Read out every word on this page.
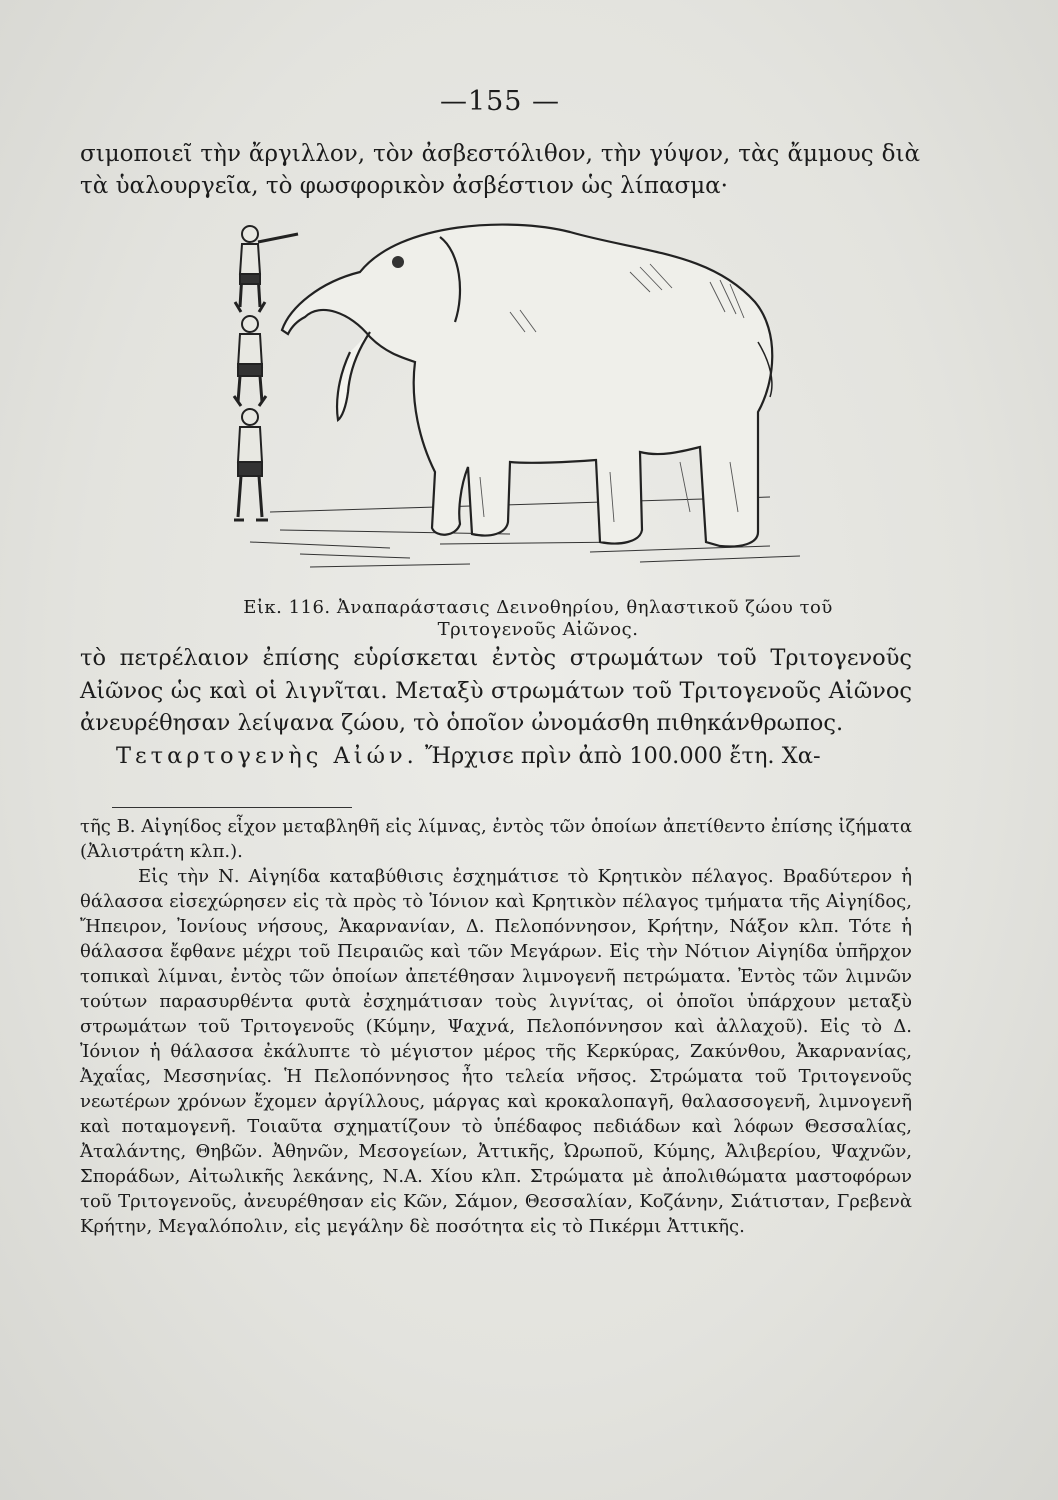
—155 —
σιμοποιεῖ τὴν ἄργιλλον, τὸν ἀσβεστόλιθον, τὴν γύψον, τὰς ἄμμους διὰ τὰ ὑαλουργεῖα, τὸ φωσφορικὸν ἀσβέστιον ὡς λίπασμα·
Εἰκ. 116. Ἀναπαράστασις Δεινοθηρίου, θηλαστικοῦ ζώου τοῦ Τριτογενοῦς Αἰῶνος.

τὸ πετρέλαιον ἐπίσης εὑρίσκεται ἐντὸς στρωμάτων τοῦ Τριτογενοῦς Αἰῶνος ὡς καὶ οἱ λιγνῖται. Μεταξὺ στρωμάτων τοῦ Τριτογενοῦς Αἰῶνος ἀνευρέθησαν λείψανα ζώου, τὸ ὁποῖον ὠνομάσθη πιθηκάνθρωπος.

Τεταρτογενὴς Αἰών. Ἤρχισε πρὶν ἀπὸ 100.000 ἔτη. Χα-

τῆς Β. Αἰγηίδος εἶχον μεταβληθῆ εἰς λίμνας, ἐντὸς τῶν ὁποίων ἀπετίθεντο ἐπίσης ἰζήματα (Ἀλιστράτη κλπ.).

Εἰς τὴν Ν. Αἰγηίδα καταβύθισις ἐσχημάτισε τὸ Κρητικὸν πέλαγος. Βραδύτερον ἡ θάλασσα εἰσεχώρησεν εἰς τὰ πρὸς τὸ Ἰόνιον καὶ Κρητικὸν πέλαγος τμήματα τῆς Αἰγηίδος, Ἤπειρον, Ἰονίους νήσους, Ἀκαρνανίαν, Δ. Πελοπόννησον, Κρήτην, Νάξον κλπ. Τότε ἡ θάλασσα ἔφθανε μέχρι τοῦ Πειραιῶς καὶ τῶν Μεγάρων. Εἰς τὴν Νότιον Αἰγηίδα ὑπῆρχον τοπικαὶ λίμναι, ἐντὸς τῶν ὁποίων ἀπετέθησαν λιμνογενῆ πετρώματα. Ἐντὸς τῶν λιμνῶν τούτων παρασυρθέντα φυτὰ ἐσχημάτισαν τοὺς λιγνίτας, οἱ ὁποῖοι ὑπάρχουν μεταξὺ στρωμάτων τοῦ Τριτογενοῦς (Κύμην, Ψαχνά, Πελοπόννησον καὶ ἀλλαχοῦ). Εἰς τὸ Δ. Ἰόνιον ἡ θάλασσα ἐκάλυπτε τὸ μέγιστον μέρος τῆς Κερκύρας, Ζακύνθου, Ἀκαρνανίας, Ἀχαΐας, Μεσσηνίας. Ἡ Πελοπόννησος ἦτο τελεία νῆσος. Στρώματα τοῦ Τριτογενοῦς νεωτέρων χρόνων ἔχομεν ἀργίλλους, μάργας καὶ κροκαλοπαγῆ, θαλασσογενῆ, λιμνογενῆ καὶ ποταμογενῆ. Τοιαῦτα σχηματίζουν τὸ ὑπέδαφος πεδιάδων καὶ λόφων Θεσσαλίας, Ἀταλάντης, Θηβῶν. Ἀθηνῶν, Μεσογείων, Ἀττικῆς, Ὠρωποῦ, Κύμης, Ἀλιβερίου, Ψαχνῶν, Σποράδων, Αἰτωλικῆς λεκάνης, Ν.Α. Χίου κλπ. Στρώματα μὲ ἀπολιθώματα μαστοφόρων τοῦ Τριτογενοῦς, ἀνευρέθησαν εἰς Κῶν, Σάμον, Θεσσαλίαν, Κοζάνην, Σιάτισταν, Γρεβενὰ Κρήτην, Μεγαλόπολιν, εἰς μεγάλην δὲ ποσότητα εἰς τὸ Πικέρμι Ἀττικῆς.
